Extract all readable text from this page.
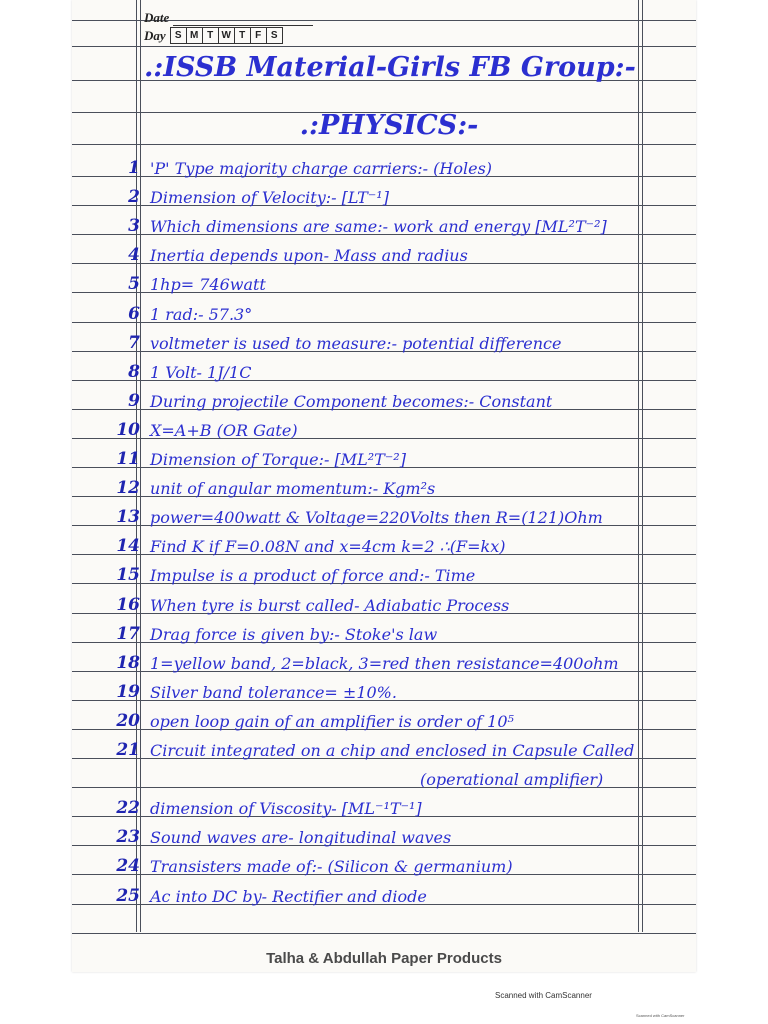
Date
Day S M T W T F S
.:ISSB Material-Girls FB Group:-
.:PHYSICS:-
1 'P' Type majority charge carriers:- (Holes)
2 Dimension of Velocity:- [LT⁻¹]
3 Which dimensions are same:- work and energy [ML²T⁻²]
4 Inertia depends upon- Mass and radius
5 1hp= 746watt
6 1 rad:- 57.3°
7 voltmeter is used to measure:- potential difference
8 1 Volt- 1J/1C
9 During projectile Component becomes:- Constant
10 X=A+B (OR Gate)
11 Dimension of Torque:- [ML²T⁻²]
12 unit of angular momentum:- Kgm²s
13 power=400watt & Voltage=220Volts then R=(121)Ohm
14 Find K if F=0.08N and x=4cm k=2 ∴(F=kx)
15 Impulse is a product of force and:- Time
16 When tyre is burst called- Adiabatic Process
17 Drag force is given by:- Stoke's law
18 1=yellow band, 2=black, 3=red then resistance=400ohm
19 Silver band tolerance= ±10%.
20 open loop gain of an amplifier is order of 10⁵
21 Circuit integrated on a chip and enclosed in Capsule Called
(operational amplifier)
22 dimension of Viscosity- [ML⁻¹T⁻¹]
23 Sound waves are- longitudinal waves
24 Transisters made of:- (Silicon & germanium)
25 Ac into DC by- Rectifier and diode
Talha & Abdullah Paper Products
Scanned with CamScanner
Scanned with CamScanner
